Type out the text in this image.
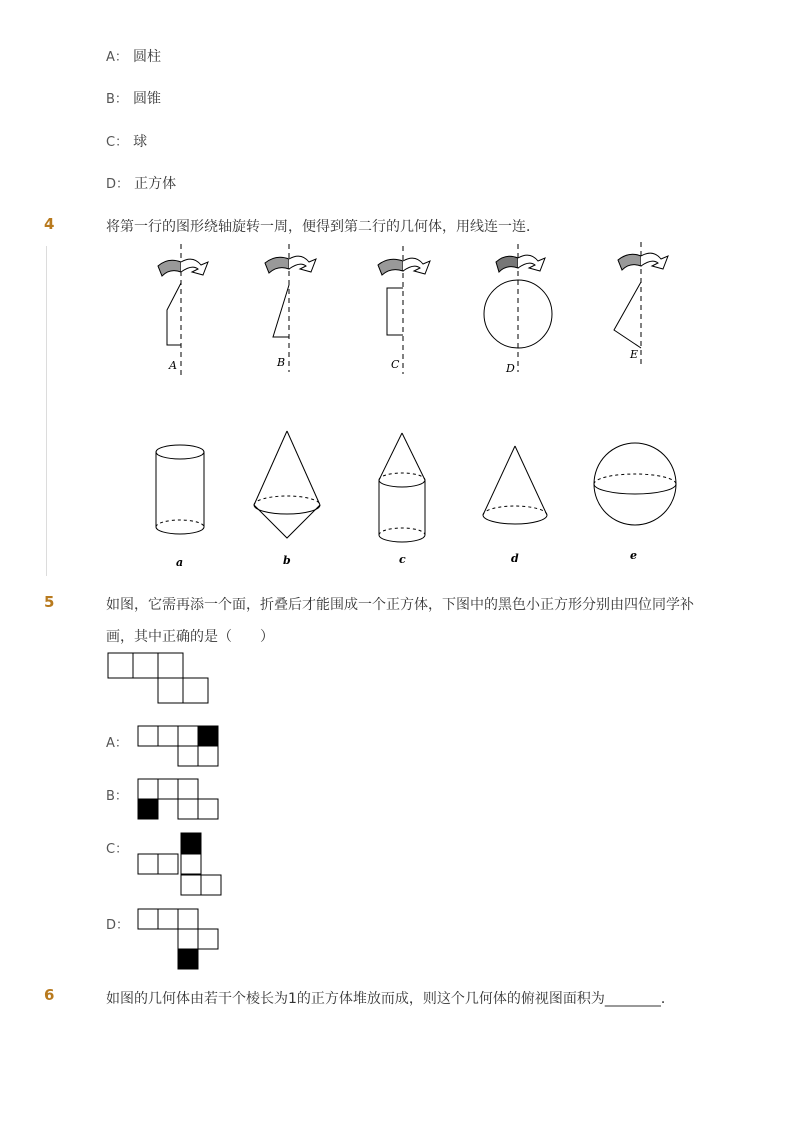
A： 圆柱
B： 圆锥
C： 球
D： 正方体
4	将第一行的图形绕轴旋转一周，便得到第二行的几何体，用线连一连．
A	B	C	D
E
a	b	c	d	e
5	如图，它需再添一个面，折叠后才能围成一个正方体，下图中的黑色小正方形分别由四位同学补
画，其中正确的是（　　）
A：
B：
C：
D：
6	如图的几何体由若干个棱长为1的正方体堆放而成，则这个几何体的俯视图面积为________．
